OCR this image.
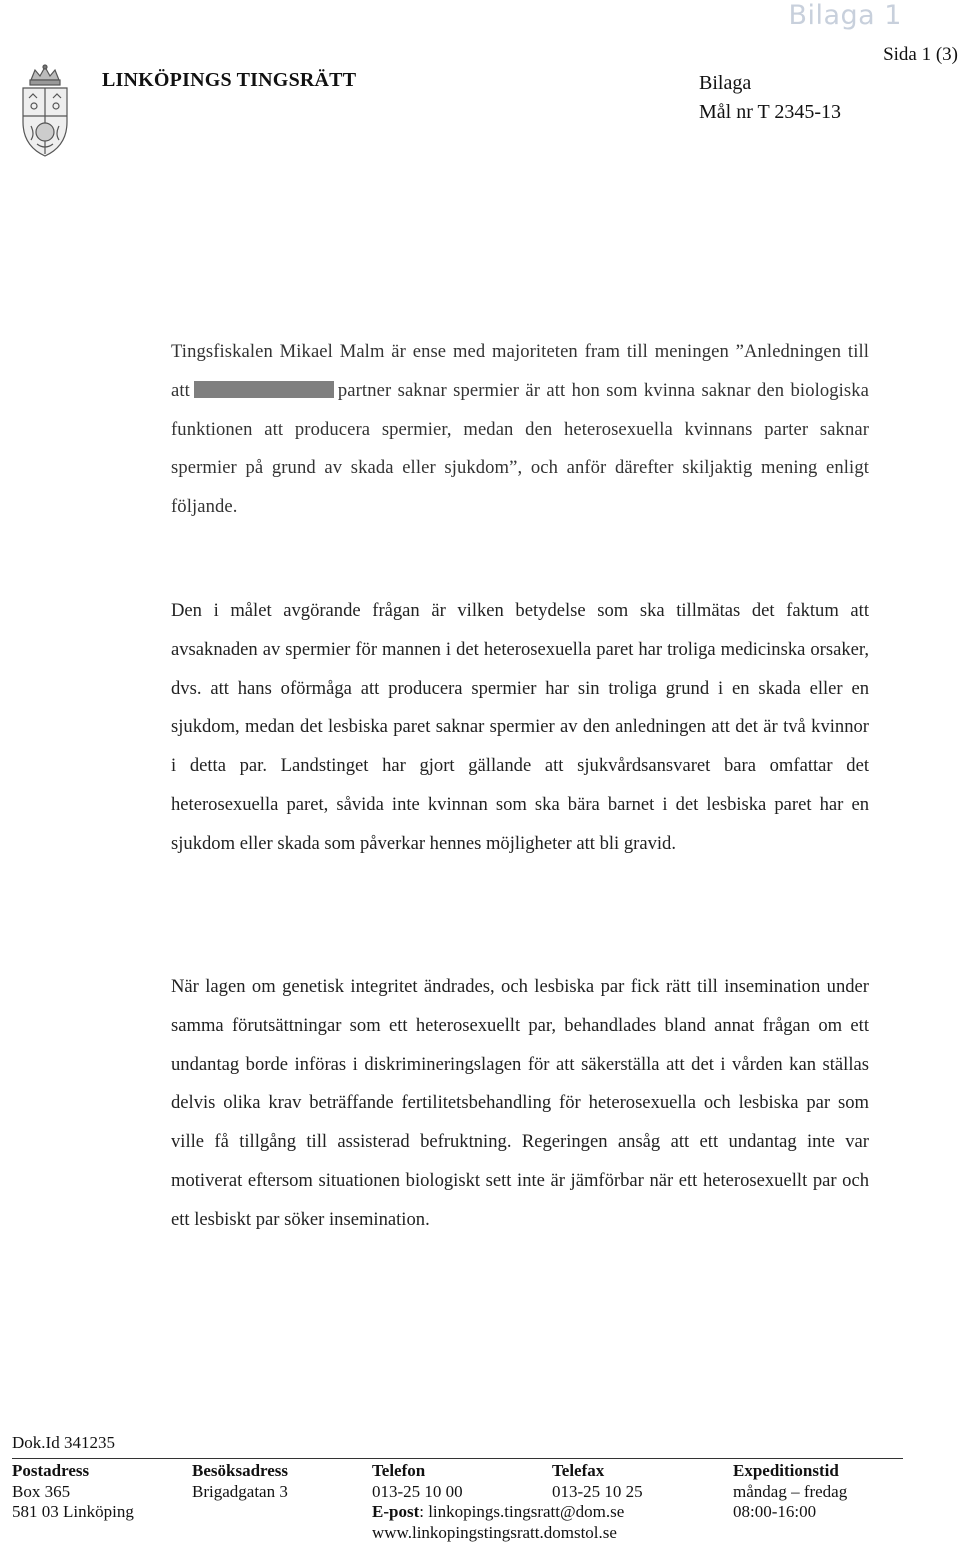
Bilaga 1
Sida 1 (3)
LINKÖPINGS TINGSRÄTT	Bilaga
Mål nr T 2345-13

Tingsfiskalen Mikael Malm är ense med majoriteten fram till meningen ”Anledningen till att	partner saknar spermier är att hon som kvinna saknar den biologiska funktionen att producera spermier, medan den heterosexuella kvinnans parter saknar spermier på grund av skada eller sjukdom”, och anför därefter skiljaktig mening enligt följande.

Den i målet avgörande frågan är vilken betydelse som ska tillmätas det faktum att avsaknaden av spermier för mannen i det heterosexuella paret har troliga medicinska orsaker, dvs. att hans oförmåga att producera spermier har sin troliga grund i en skada eller en sjukdom, medan det lesbiska paret saknar spermier av den anledningen att det är två kvinnor i detta par. Landstinget har gjort gällande att sjukvårdsansvaret bara omfattar det heterosexuella paret, såvida inte kvinnan som ska bära barnet i det lesbiska paret har en sjukdom eller skada som påverkar hennes möjligheter att bli gravid.

När lagen om genetisk integritet ändrades, och lesbiska par fick rätt till insemination under samma förutsättningar som ett heterosexuellt par, behandlades bland annat frågan om ett undantag borde införas i diskrimineringslagen för att säkerställa att det i vården kan ställas delvis olika krav beträffande fertilitetsbehandling för heterosexuella och lesbiska par som ville få tillgång till assisterad befruktning. Regeringen ansåg att ett undantag inte var motiverat eftersom situationen biologiskt sett inte är jämförbar när ett heterosexuellt par och ett lesbiskt par söker insemination.

Dok.Id 341235
Postadress
Box 365
581 03 Linköping
Besöksadress
Brigadgatan 3
Telefon
013-25 10 00
E-post: linkopings.tingsratt@dom.se
www.linkopingstingsratt.domstol.se
Telefax
013-25 10 25
Expeditionstid
måndag – fredag
08:00-16:00
